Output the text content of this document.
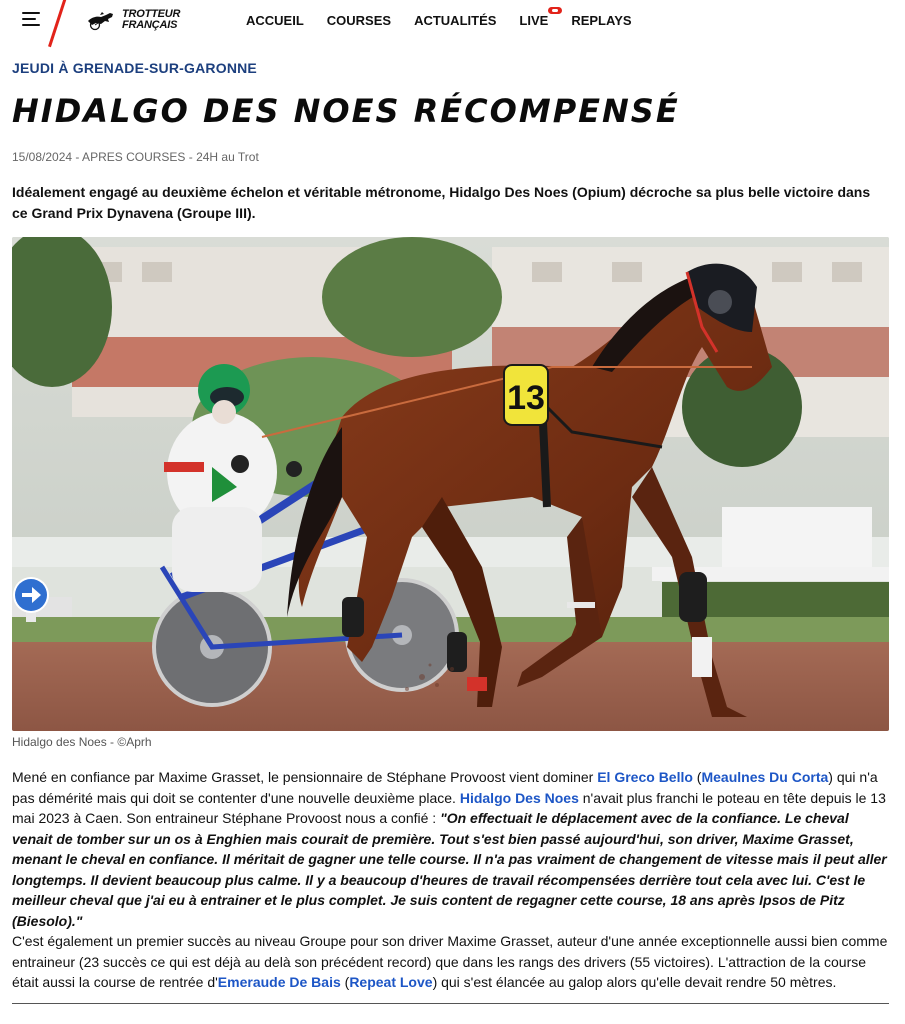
TROTTEUR
FRANÇAIS	ACCUEIL COURSES ACTUALITÉS LIVE REPLAYS
JEUDI À GRENADE-SUR-GARONNE
HIDALGO DES NOES RÉCOMPENSÉ
15/08/2024 - APRES COURSES - 24H au Trot

Idéalement engagé au deuxième échelon et véritable métronome, Hidalgo Des Noes (Opium) décroche sa plus belle victoire dans ce Grand Prix Dynavena (Groupe III).

13
Hidalgo des Noes - ©Aprh

Mené en confiance par Maxime Grasset, le pensionnaire de Stéphane Provoost vient dominer El Greco Bello (Meaulnes Du Corta) qui n'a pas démérité mais qui doit se contenter d'une nouvelle deuxième place. Hidalgo Des Noes n'avait plus franchi le poteau en tête depuis le 13 mai 2023 à Caen. Son entraineur Stéphane Provoost nous a confié : "On effectuait le déplacement avec de la confiance. Le cheval venait de tomber sur un os à Enghien mais courait de première. Tout s'est bien passé aujourd'hui, son driver, Maxime Grasset, menant le cheval en confiance. Il méritait de gagner une telle course. Il n'a pas vraiment de changement de vitesse mais il peut aller longtemps. Il devient beaucoup plus calme. Il y a beaucoup d'heures de travail récompensées derrière tout cela avec lui. C'est le meilleur cheval que j'ai eu à entrainer et le plus complet. Je suis content de regagner cette course, 18 ans après Ipsos de Pitz (Biesolo)."

C'est également un premier succès au niveau Groupe pour son driver Maxime Grasset, auteur d'une année exceptionnelle aussi bien comme entraineur (23 succès ce qui est déjà au delà son précédent record) que dans les rangs des drivers (55 victoires). L'attraction de la course était aussi la course de rentrée d'Emeraude De Bais (Repeat Love) qui s'est élancée au galop alors qu'elle devait rendre 50 mètres.
